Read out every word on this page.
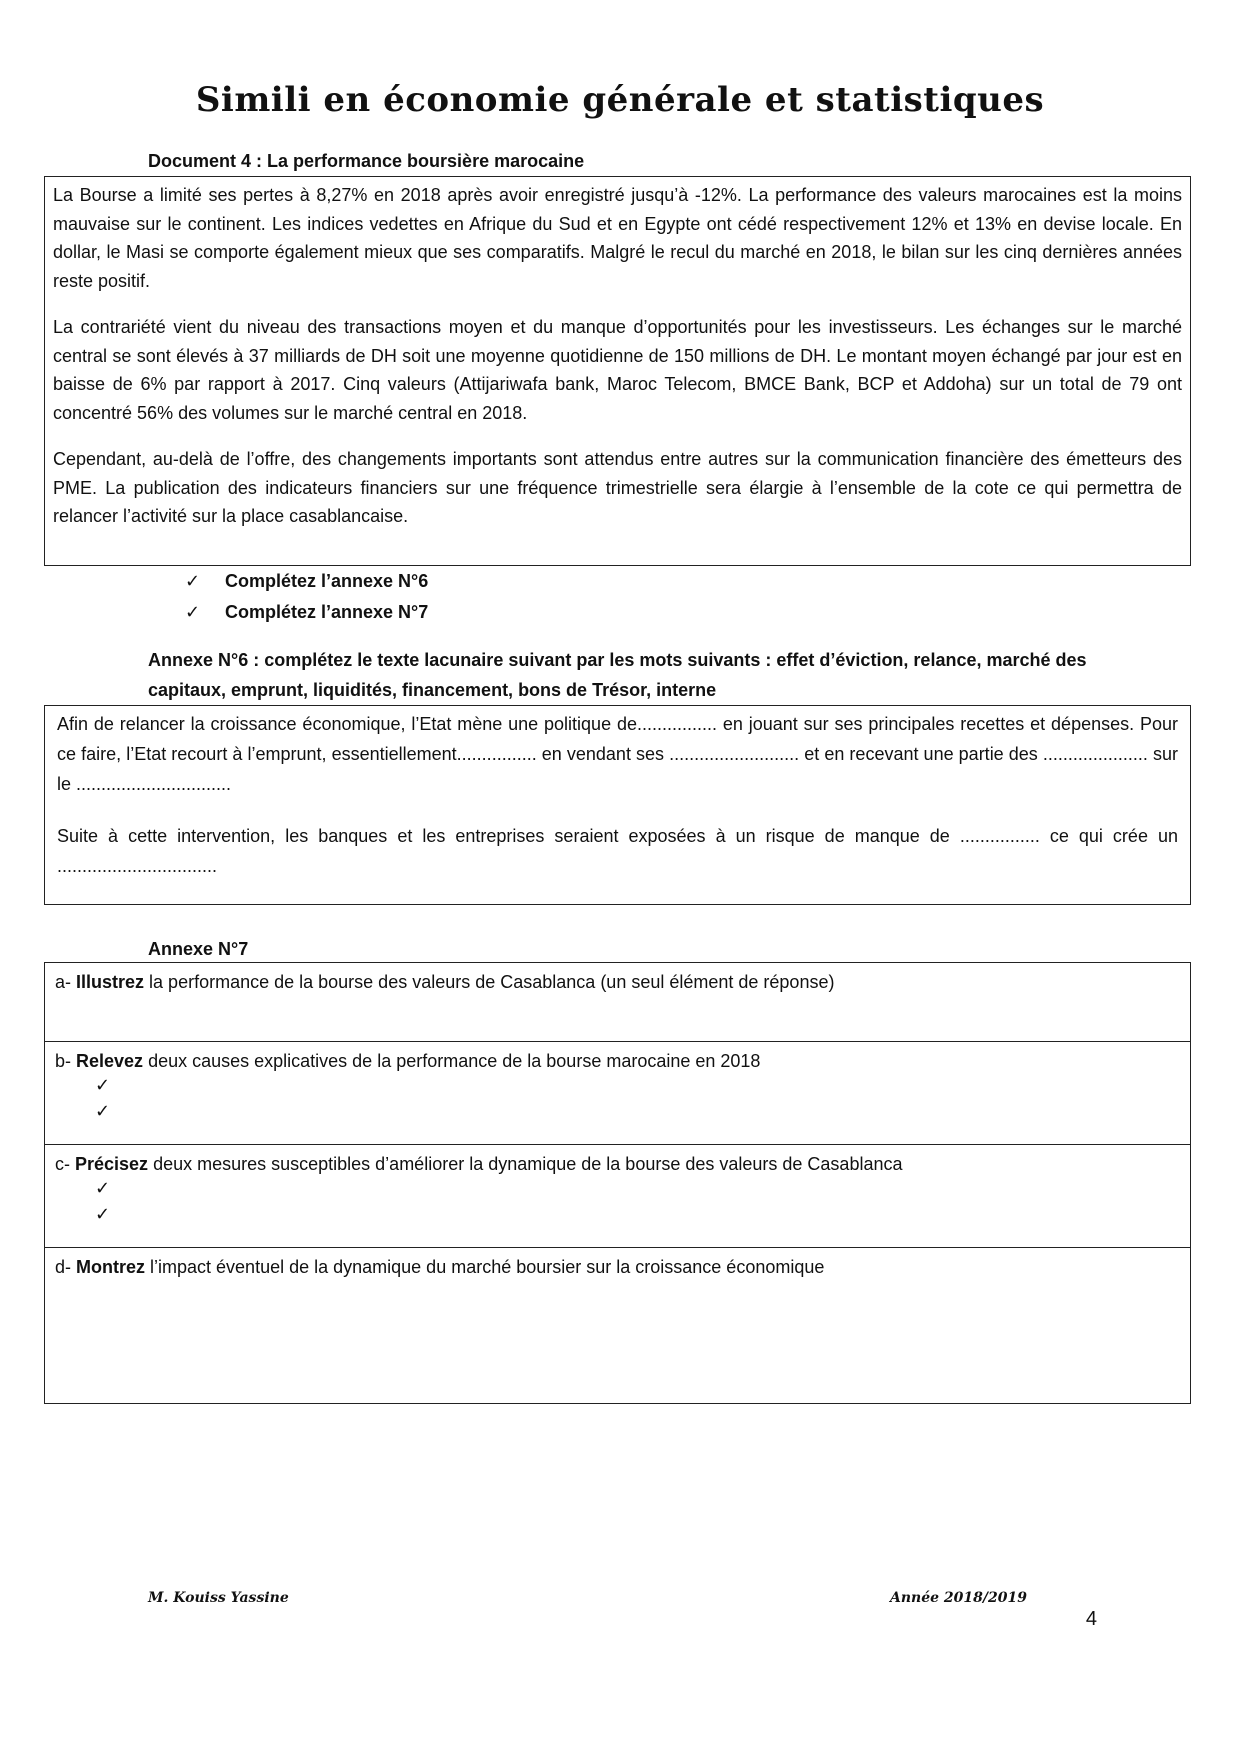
Simili en économie générale et statistiques
Document 4 : La performance boursière marocaine

La Bourse a limité ses pertes à 8,27% en 2018 après avoir enregistré jusqu’à -12%. La performance des valeurs marocaines est la moins mauvaise sur le continent. Les indices vedettes en Afrique du Sud et en Egypte ont cédé respectivement 12% et 13% en devise locale. En dollar, le Masi se comporte également mieux que ses comparatifs. Malgré le recul du marché en 2018, le bilan sur les cinq dernières années reste positif.

La contrariété vient du niveau des transactions moyen et du manque d’opportunités pour les investisseurs. Les échanges sur le marché central se sont élevés à 37 milliards de DH soit une moyenne quotidienne de 150 millions de DH. Le montant moyen échangé par jour est en baisse de 6% par rapport à 2017. Cinq valeurs (Attijariwafa bank, Maroc Telecom, BMCE Bank, BCP et Addoha) sur un total de 79 ont concentré 56% des volumes sur le marché central en 2018.

Cependant, au-delà de l’offre, des changements importants sont attendus entre autres sur la communication financière des émetteurs des PME. La publication des indicateurs financiers sur une fréquence trimestrielle sera élargie à l’ensemble de la cote ce qui permettra de relancer l’activité sur la place casablancaise.

✓ Complétez l’annexe N°6
✓ Complétez l’annexe N°7
Annexe N°6 : complétez le texte lacunaire suivant par les mots suivants : effet d’éviction, relance, marché des capitaux, emprunt, liquidités, financement, bons de Trésor, interne

Afin de relancer la croissance économique, l’Etat mène une politique de................ en jouant sur ses principales recettes et dépenses. Pour ce faire, l’Etat recourt à l’emprunt, essentiellement................ en vendant ses .......................... et en recevant une partie des ..................... sur le ...............................

Suite à cette intervention, les banques et les entreprises seraient exposées à un risque de manque de ................ ce qui crée un ................................

Annexe N°7
a- Illustrez la performance de la bourse des valeurs de Casablanca (un seul élément de réponse)
b- Relevez deux causes explicatives de la performance de la bourse marocaine en 2018
✓
✓
c- Précisez deux mesures susceptibles d’améliorer la dynamique de la bourse des valeurs de Casablanca
✓
✓
d- Montrez l’impact éventuel de la dynamique du marché boursier sur la croissance économique
M. Kouiss Yassine	Année 2018/2019
4
